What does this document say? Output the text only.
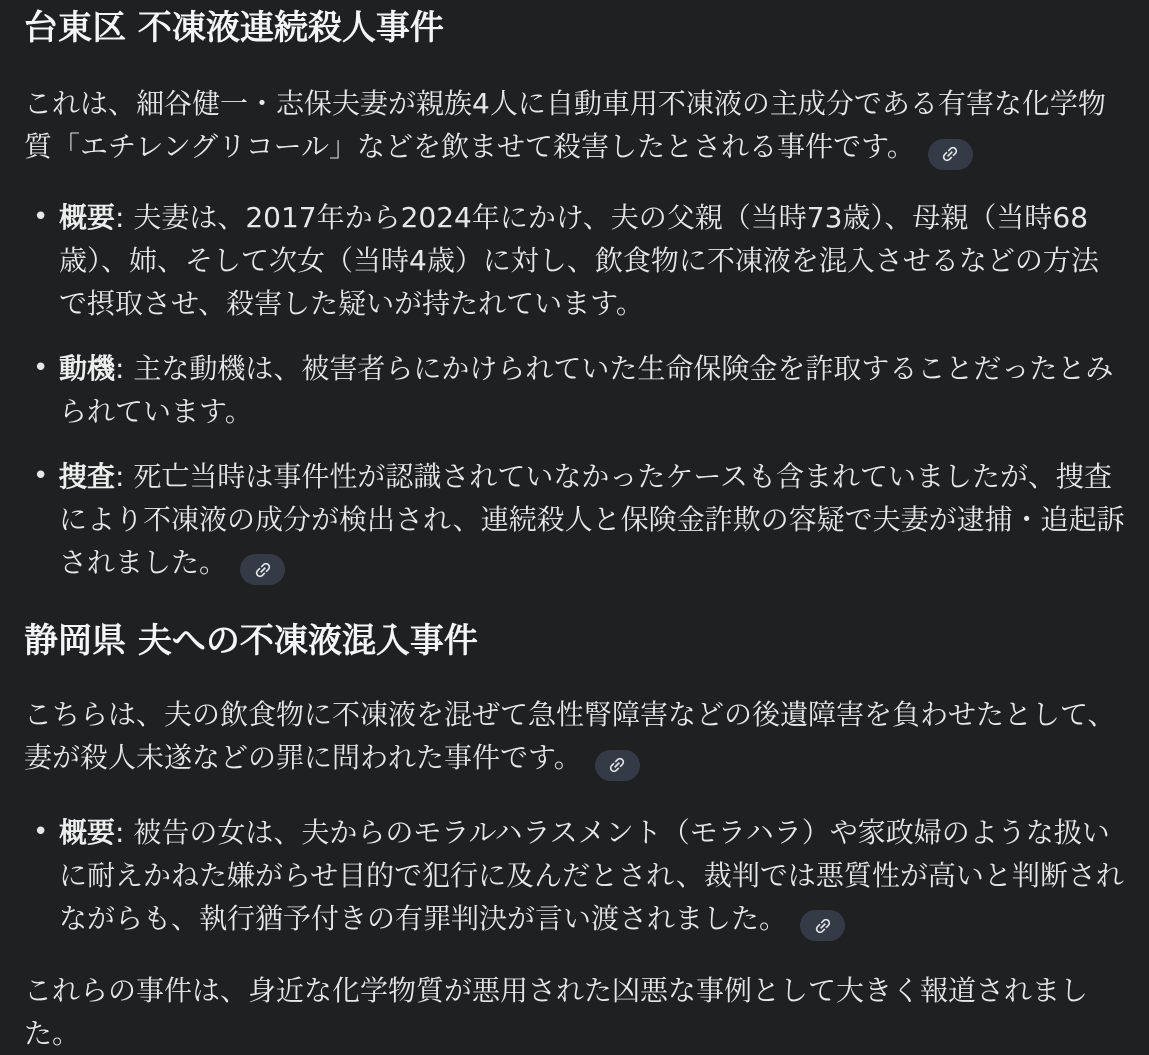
台東区 不凍液連続殺人事件

これは、細谷健一・志保夫妻が親族4人に自動車用不凍液の主成分である有害な化学物質「エチレングリコール」などを飲ませて殺害したとされる事件です。

• 概要: 夫妻は、2017年から2024年にかけ、夫の父親（当時73歳）、母親（当時68歳）、姉、そして次女（当時4歳）に対し、飲食物に不凍液を混入させるなどの方法で摂取させ、殺害した疑いが持たれています。
• 動機: 主な動機は、被害者らにかけられていた生命保険金を詐取することだったとみられています。
• 捜査: 死亡当時は事件性が認識されていなかったケースも含まれていましたが、捜査により不凍液の成分が検出され、連続殺人と保険金詐欺の容疑で夫妻が逮捕・追起訴されました。
静岡県 夫への不凍液混入事件

こちらは、夫の飲食物に不凍液を混ぜて急性腎障害などの後遺障害を負わせたとして、妻が殺人未遂などの罪に問われた事件です。

• 概要: 被告の女は、夫からのモラルハラスメント（モラハラ）や家政婦のような扱いに耐えかねた嫌がらせ目的で犯行に及んだとされ、裁判では悪質性が高いと判断されながらも、執行猶予付きの有罪判決が言い渡されました。

これらの事件は、身近な化学物質が悪用された凶悪な事例として大きく報道されました。
